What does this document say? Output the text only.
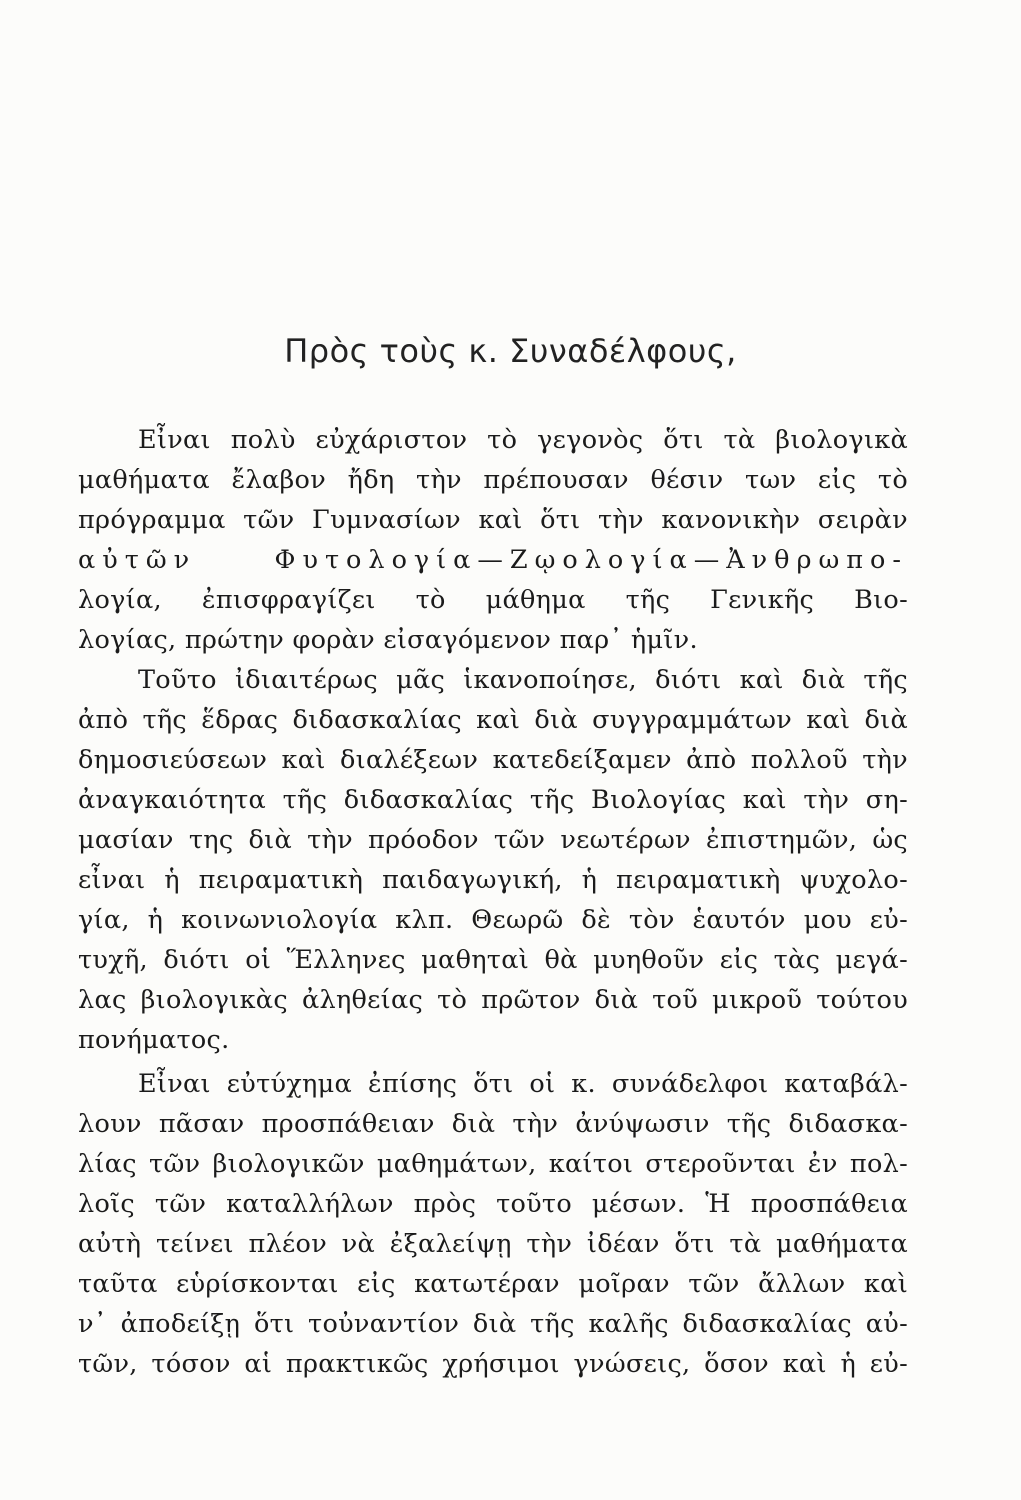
Πρὸς τοὺς κ. Συναδέλφους,
Εἶναι πολὺ εὐχάριστον τὸ γεγονὸς ὅτι τὰ βιολογικὰ
μαθήματα ἔλαβον ἤδη τὴν πρέπουσαν θέσιν των εἰς τὸ
πρόγραμμα τῶν Γυμνασίων καὶ ὅτι τὴν κανονικὴν σειρὰν
αὐτῶν Φυτολογία—Ζῳολογία—Ἀνθρωπο-
λογία, ἐπισφραγίζει τὸ μάθημα τῆς Γενικῆς Βιο-
λογίας, πρώτην φορὰν εἰσαγόμενον παρ᾽ ἡμῖν.
Τοῦτο ἰδιαιτέρως μᾶς ἱκανοποίησε, διότι καὶ διὰ τῆς
ἀπὸ τῆς ἕδρας διδασκαλίας καὶ διὰ συγγραμμάτων καὶ διὰ
δημοσιεύσεων καὶ διαλέξεων κατεδείξαμεν ἀπὸ πολλοῦ τὴν
ἀναγκαιότητα τῆς διδασκαλίας τῆς Βιολογίας καὶ τὴν ση-
μασίαν της διὰ τὴν πρόοδον τῶν νεωτέρων ἐπιστημῶν, ὡς
εἶναι ἡ πειραματικὴ παιδαγωγική, ἡ πειραματικὴ ψυχολο-
γία, ἡ κοινωνιολογία κλπ. Θεωρῶ δὲ τὸν ἑαυτόν μου εὐ-
τυχῆ, διότι οἱ Ἕλληνες μαθηταὶ θὰ μυηθοῦν εἰς τὰς μεγά-
λας βιολογικὰς ἀληθείας τὸ πρῶτον διὰ τοῦ μικροῦ τούτου
πονήματος.
Εἶναι εὐτύχημα ἐπίσης ὅτι οἱ κ. συνάδελφοι καταβάλ-
λουν πᾶσαν προσπάθειαν διὰ τὴν ἀνύψωσιν τῆς διδασκα-
λίας τῶν βιολογικῶν μαθημάτων, καίτοι στεροῦνται ἐν πολ-
λοῖς τῶν καταλλήλων πρὸς τοῦτο μέσων. Ἡ προσπάθεια
αὐτὴ τείνει πλέον νὰ ἐξαλείψῃ τὴν ἰδέαν ὅτι τὰ μαθήματα
ταῦτα εὑρίσκονται εἰς κατωτέραν μοῖραν τῶν ἄλλων καὶ
ν᾽ ἀποδείξῃ ὅτι τοὐναντίον διὰ τῆς καλῆς διδασκαλίας αὐ-
τῶν, τόσον αἱ πρακτικῶς χρήσιμοι γνώσεις, ὅσον καὶ ἡ εὐ-
